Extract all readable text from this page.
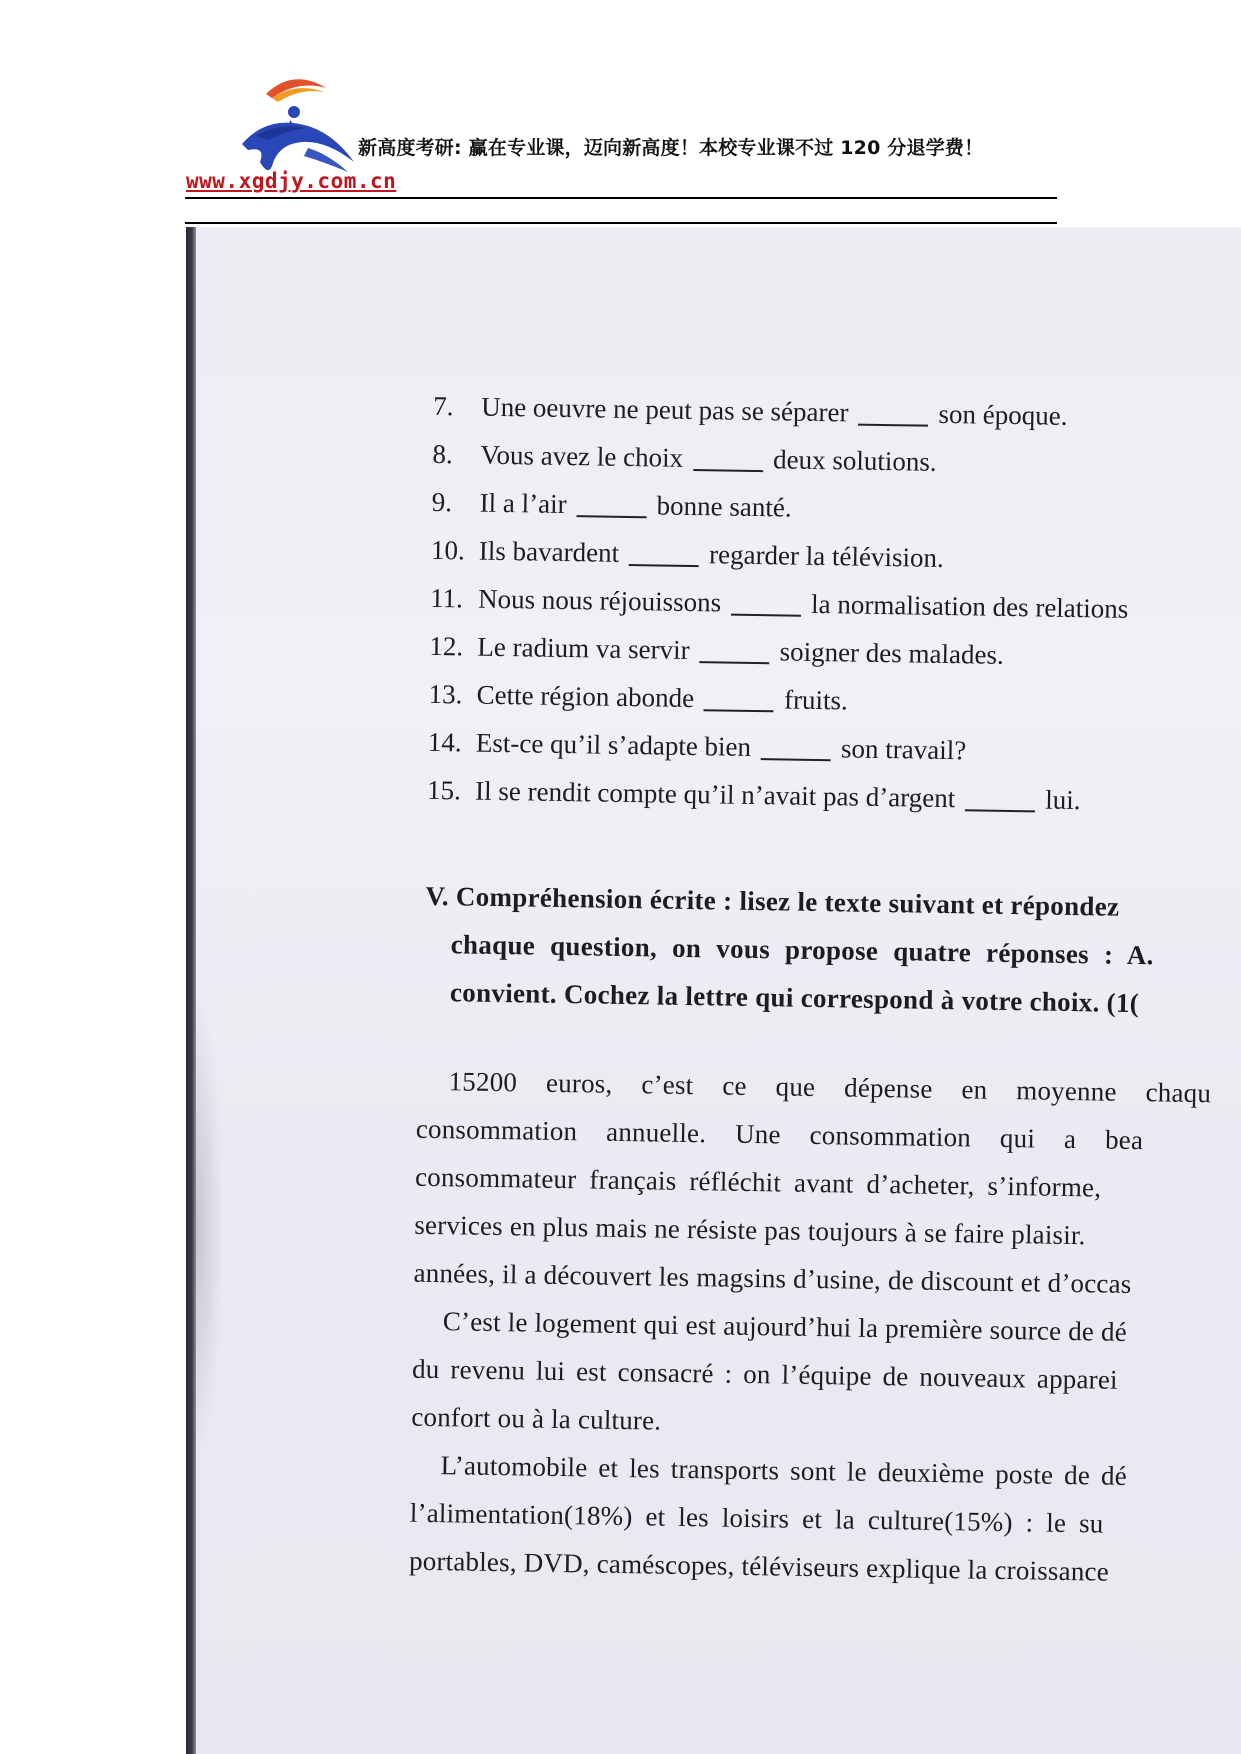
新高度考研: 赢在专业课，迈向新高度！本校专业课不过 120 分退学费！
www.xgdjy.com.cn
7. Une oeuvre ne peut pas se séparer	son époque.
8. Vous avez le choix	deux solutions.
9. Il a l’air	bonne santé.
10. Ils bavardent	regarder la télévision.
11. Nous nous réjouissons	la normalisation des relations
12. Le radium va servir	soigner des malades.
13. Cette région abonde	fruits.
14. Est-ce qu’il s’adapte bien	son travail?
15. Il se rendit compte qu’il n’avait pas d’argent	lui.
V. Compréhension écrite : lisez le texte suivant et répondez
chaque question, on vous propose quatre réponses : A.
convient. Cochez la lettre qui correspond à votre choix. (1(
15200 euros, c’est ce que dépense en moyenne chaqu
consommation annuelle. Une consommation qui a bea
consommateur français réfléchit avant d’acheter, s’informe,
services en plus mais ne résiste pas toujours à se faire plaisir.
années, il a découvert les magsins d’usine, de discount et d’occas
C’est le logement qui est aujourd’hui la première source de dé
du revenu lui est consacré : on l’équipe de nouveaux apparei
confort ou à la culture.
L’automobile et les transports sont le deuxième poste de dé
l’alimentation(18%) et les loisirs et la culture(15%) : le su
portables, DVD, caméscopes, téléviseurs explique la croissance
